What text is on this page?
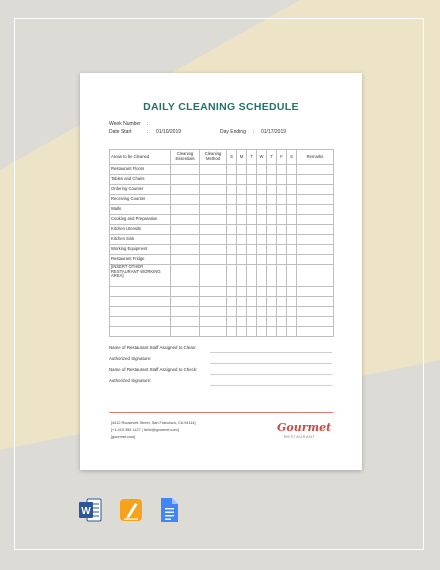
DAILY CLEANING SCHEDULE
Week Number :
Date Start	: 01/10/2019	Day Ending : 01/17/2019
Areas to be Cleaned	Cleaning Essentials	Cleaning Method	S	M	T	W	T	F	S	Remarks
Restaurant Floors										
Tables and Chairs										
Ordering Counter										
Receiving Counter										
Walls										
Cooking and Preparation										
Kitchen Utensils										
Kitchen Sink										
Working Equipment										
Restaurant Fridge										
[INSERT OTHER RESTAURANT WORKING AREA]										

Name of Restaurant Staff Assigned to Clean:
Authorized Signature:
Name of Restaurant Staff Assigned to Check:
Authorized Signature:
[4412 Roosevelt Street, San Francisco, CA 94114]
[+1-415 355 1127 | hello@gourmet.com]
[gourmet.com]
Gourmet
RESTAURANT
W
